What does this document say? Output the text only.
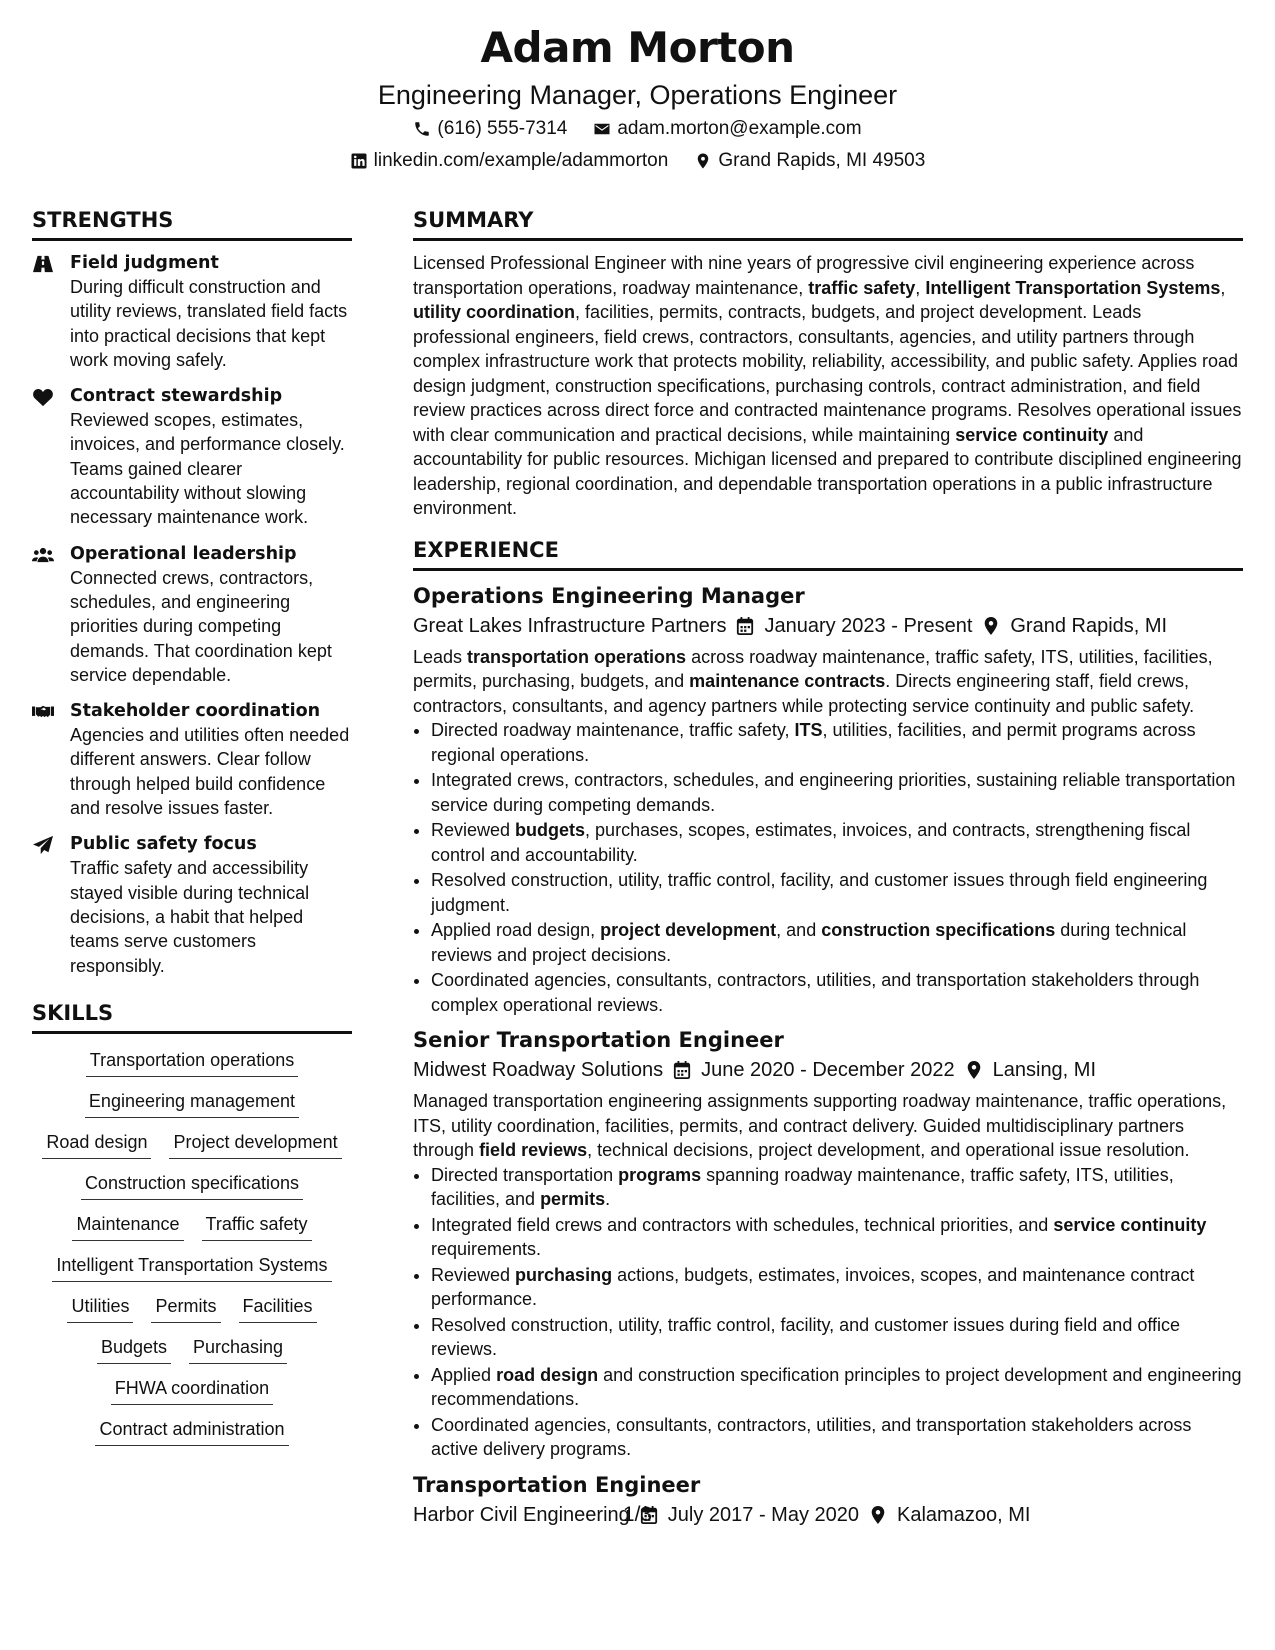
Adam Morton
Engineering Manager, Operations Engineer
(616) 555-7314	adam.morton@example.com
linkedin.com/example/adammorton	Grand Rapids, MI 49503
STRENGTHS
Field judgment
During difficult construction and utility reviews, translated field facts into practical decisions that kept work moving safely.
Contract stewardship
Reviewed scopes, estimates, invoices, and performance closely. Teams gained clearer accountability without slowing necessary maintenance work.
Operational leadership
Connected crews, contractors, schedules, and engineering priorities during competing demands. That coordination kept service dependable.
Stakeholder coordination
Agencies and utilities often needed different answers. Clear follow through helped build confidence and resolve issues faster.
Public safety focus
Traffic safety and accessibility stayed visible during technical decisions, a habit that helped teams serve customers responsibly.
SKILLS
Transportation operations
Engineering management
Road design Project development
Construction specifications
Maintenance Traffic safety
Intelligent Transportation Systems
Utilities Permits Facilities
Budgets Purchasing
FHWA coordination
Contract administration
SUMMARY
Licensed Professional Engineer with nine years of progressive civil engineering experience across transportation operations, roadway maintenance, traffic safety, Intelligent Transportation Systems, utility coordination, facilities, permits, contracts, budgets, and project development. Leads professional engineers, field crews, contractors, consultants, agencies, and utility partners through complex infrastructure work that protects mobility, reliability, accessibility, and public safety. Applies road design judgment, construction specifications, purchasing controls, contract administration, and field review practices across direct force and contracted maintenance programs. Resolves operational issues with clear communication and practical decisions, while maintaining service continuity and accountability for public resources. Michigan licensed and prepared to contribute disciplined engineering leadership, regional coordination, and dependable transportation operations in a public infrastructure environment.
EXPERIENCE
Operations Engineering Manager
Great Lakes Infrastructure Partners January 2023 - Present Grand Rapids, MI
Leads transportation operations across roadway maintenance, traffic safety, ITS, utilities, facilities, permits, purchasing, budgets, and maintenance contracts. Directs engineering staff, field crews, contractors, consultants, and agency partners while protecting service continuity and public safety.
• Directed roadway maintenance, traffic safety, ITS, utilities, facilities, and permit programs across regional operations.
• Integrated crews, contractors, schedules, and engineering priorities, sustaining reliable transportation service during competing demands.
• Reviewed budgets, purchases, scopes, estimates, invoices, and contracts, strengthening fiscal control and accountability.
• Resolved construction, utility, traffic control, facility, and customer issues through field engineering judgment.
• Applied road design, project development, and construction specifications during technical reviews and project decisions.
• Coordinated agencies, consultants, contractors, utilities, and transportation stakeholders through complex operational reviews.
Senior Transportation Engineer
Midwest Roadway Solutions June 2020 - December 2022 Lansing, MI
Managed transportation engineering assignments supporting roadway maintenance, traffic operations, ITS, utility coordination, facilities, permits, and contract delivery. Guided multidisciplinary partners through field reviews, technical decisions, project development, and operational issue resolution.
• Directed transportation programs spanning roadway maintenance, traffic safety, ITS, utilities, facilities, and permits.
• Integrated field crews and contractors with schedules, technical priorities, and service continuity requirements.
• Reviewed purchasing actions, budgets, estimates, invoices, scopes, and maintenance contract performance.
• Resolved construction, utility, traffic control, facility, and customer issues during field and office reviews.
• Applied road design and construction specification principles to project development and engineering recommendations.
• Coordinated agencies, consultants, contractors, utilities, and transportation stakeholders across active delivery programs.
Transportation Engineer
Harbor Civil Engineering July 2017 - May 2020 Kalamazoo, MI
1/3
